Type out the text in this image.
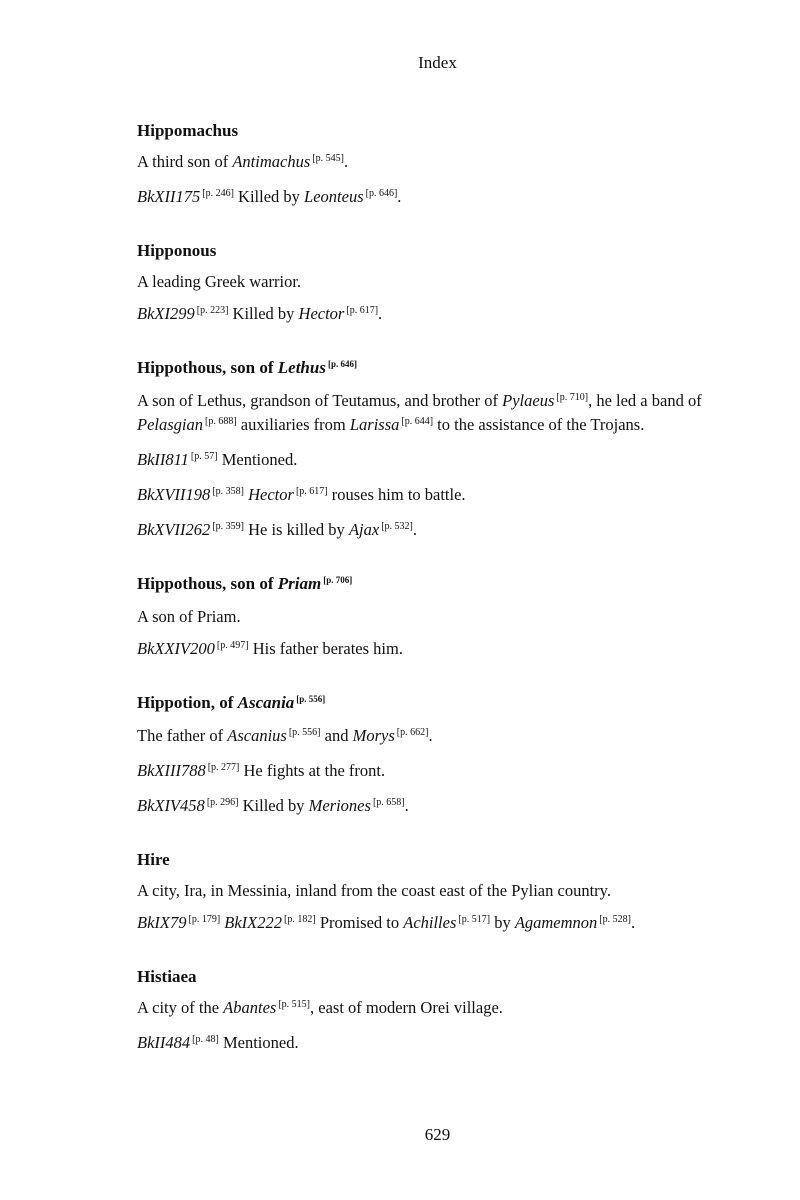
Index
Hippomachus
A third son of Antimachus [p. 545].
BkXII175 [p. 246] Killed by Leonteus [p. 646].
Hipponous
A leading Greek warrior.
BkXI299 [p. 223] Killed by Hector [p. 617].
Hippothous, son of Lethus [p. 646]
A son of Lethus, grandson of Teutamus, and brother of Pylaeus [p. 710], he led a band of Pelasgian [p. 688] auxiliaries from Larissa [p. 644] to the assistance of the Trojans.
BkII811 [p. 57] Mentioned.
BkXVII198 [p. 358] Hector [p. 617] rouses him to battle.
BkXVII262 [p. 359] He is killed by Ajax [p. 532].
Hippothous, son of Priam [p. 706]
A son of Priam.
BkXXIV200 [p. 497] His father berates him.
Hippotion, of Ascania [p. 556]
The father of Ascanius [p. 556] and Morys [p. 662].
BkXIII788 [p. 277] He fights at the front.
BkXIV458 [p. 296] Killed by Meriones [p. 658].
Hire
A city, Ira, in Messinia, inland from the coast east of the Pylian country.
BkIX79 [p. 179] BkIX222 [p. 182] Promised to Achilles [p. 517] by Agamemnon [p. 528].
Histiaea
A city of the Abantes [p. 515], east of modern Orei village.
BkII484 [p. 48] Mentioned.
629
